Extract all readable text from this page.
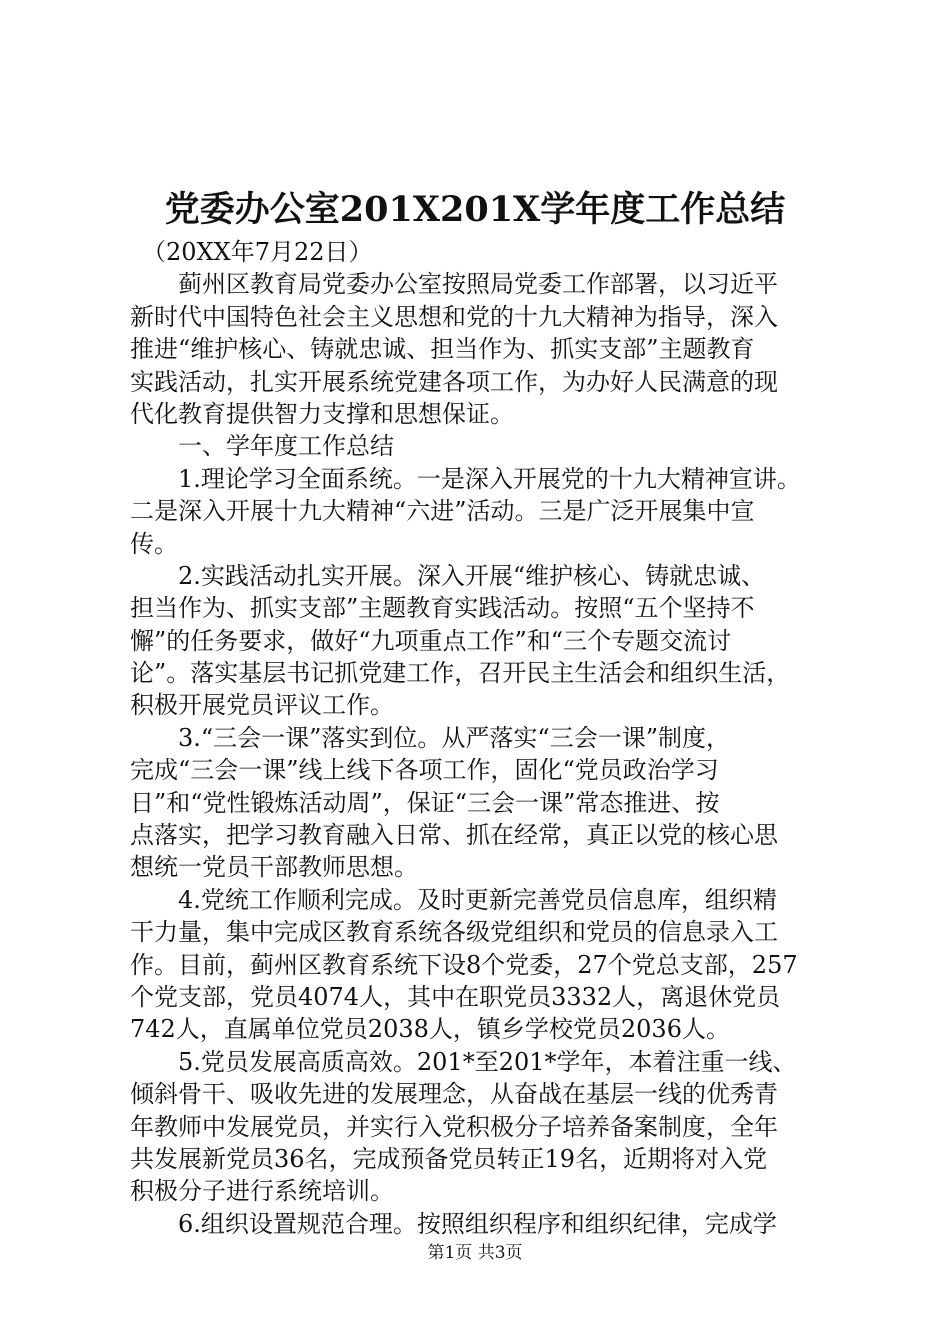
党委办公室201X201X学年度工作总结
（20XX年7月22日）
蓟州区教育局党委办公室按照局党委工作部署，以习近平
新时代中国特色社会主义思想和党的十九大精神为指导，深入
推进“维护核心、铸就忠诚、担当作为、抓实支部”主题教育
实践活动，扎实开展系统党建各项工作，为办好人民满意的现
代化教育提供智力支撑和思想保证。
一、学年度工作总结
1.理论学习全面系统。一是深入开展党的十九大精神宣讲。
二是深入开展十九大精神“六进”活动。三是广泛开展集中宣
传。
2.实践活动扎实开展。深入开展“维护核心、铸就忠诚、
担当作为、抓实支部”主题教育实践活动。按照“五个坚持不
懈”的任务要求，做好“九项重点工作”和“三个专题交流讨
论”。落实基层书记抓党建工作，召开民主生活会和组织生活，
积极开展党员评议工作。
3.“三会一课”落实到位。从严落实“三会一课”制度，
完成“三会一课”线上线下各项工作，固化“党员政治学习
日”和“党性锻炼活动周”，保证“三会一课”常态推进、按
点落实，把学习教育融入日常、抓在经常，真正以党的核心思
想统一党员干部教师思想。
4.党统工作顺利完成。及时更新完善党员信息库，组织精
干力量，集中完成区教育系统各级党组织和党员的信息录入工
作。目前，蓟州区教育系统下设8个党委，27个党总支部，257
个党支部，党员4074人，其中在职党员3332人，离退休党员
742人，直属单位党员2038人，镇乡学校党员2036人。
5.党员发展高质高效。201*至201*学年，本着注重一线、
倾斜骨干、吸收先进的发展理念，从奋战在基层一线的优秀青
年教师中发展党员，并实行入党积极分子培养备案制度，全年
共发展新党员36名，完成预备党员转正19名，近期将对入党
积极分子进行系统培训。
6.组织设置规范合理。按照组织程序和组织纪律，完成学
第1页 共3页
